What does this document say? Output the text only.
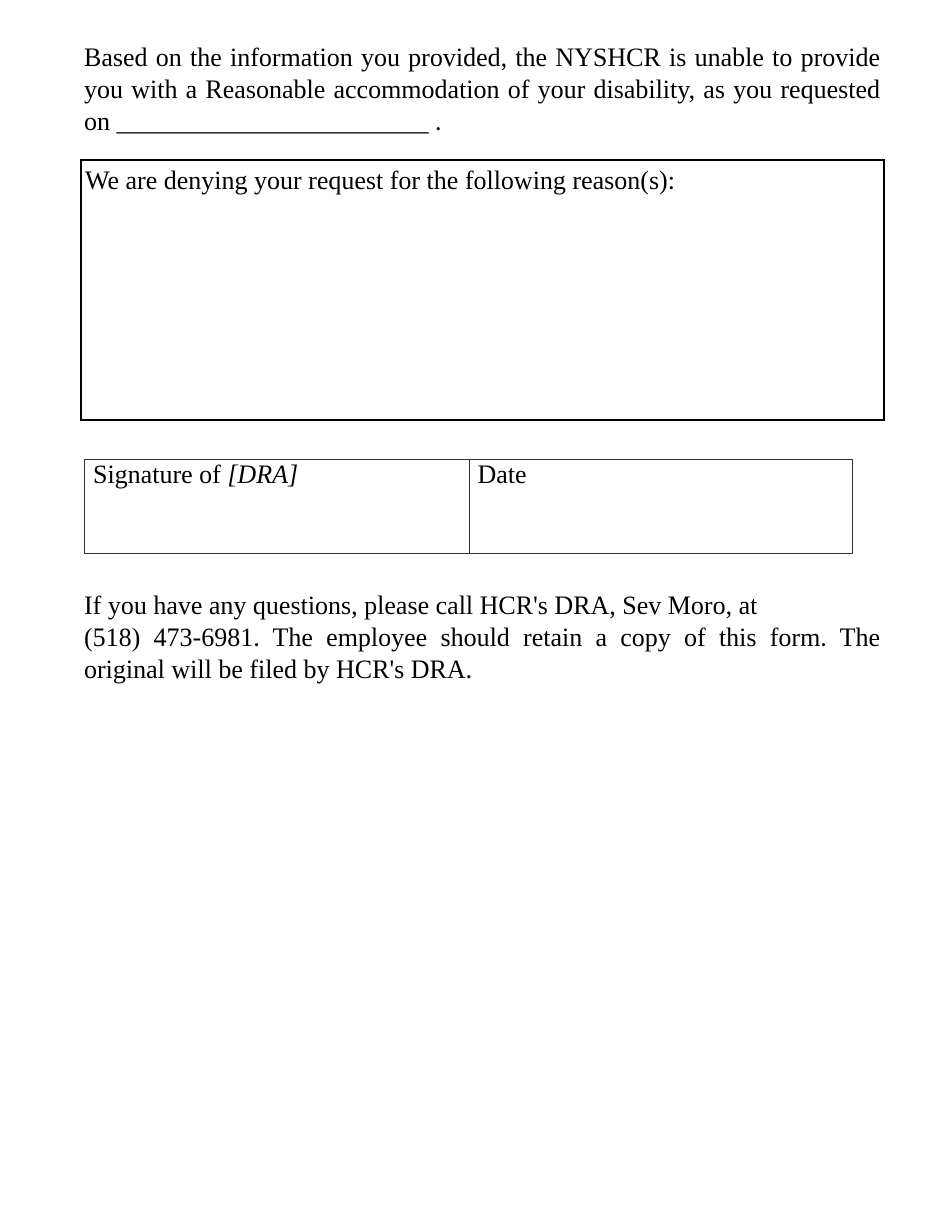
Based on the information you provided, the NYSHCR is unable to provide you with a Reasonable accommodation of your disability, as you requested on ________________________ .

We are denying your request for the following reason(s):
Signature of [DRA]	Date

If you have any questions, please call HCR's DRA, Sev Moro, at
(518) 473-6981. The employee should retain a copy of this form. The
original will be filed by HCR's DRA.
